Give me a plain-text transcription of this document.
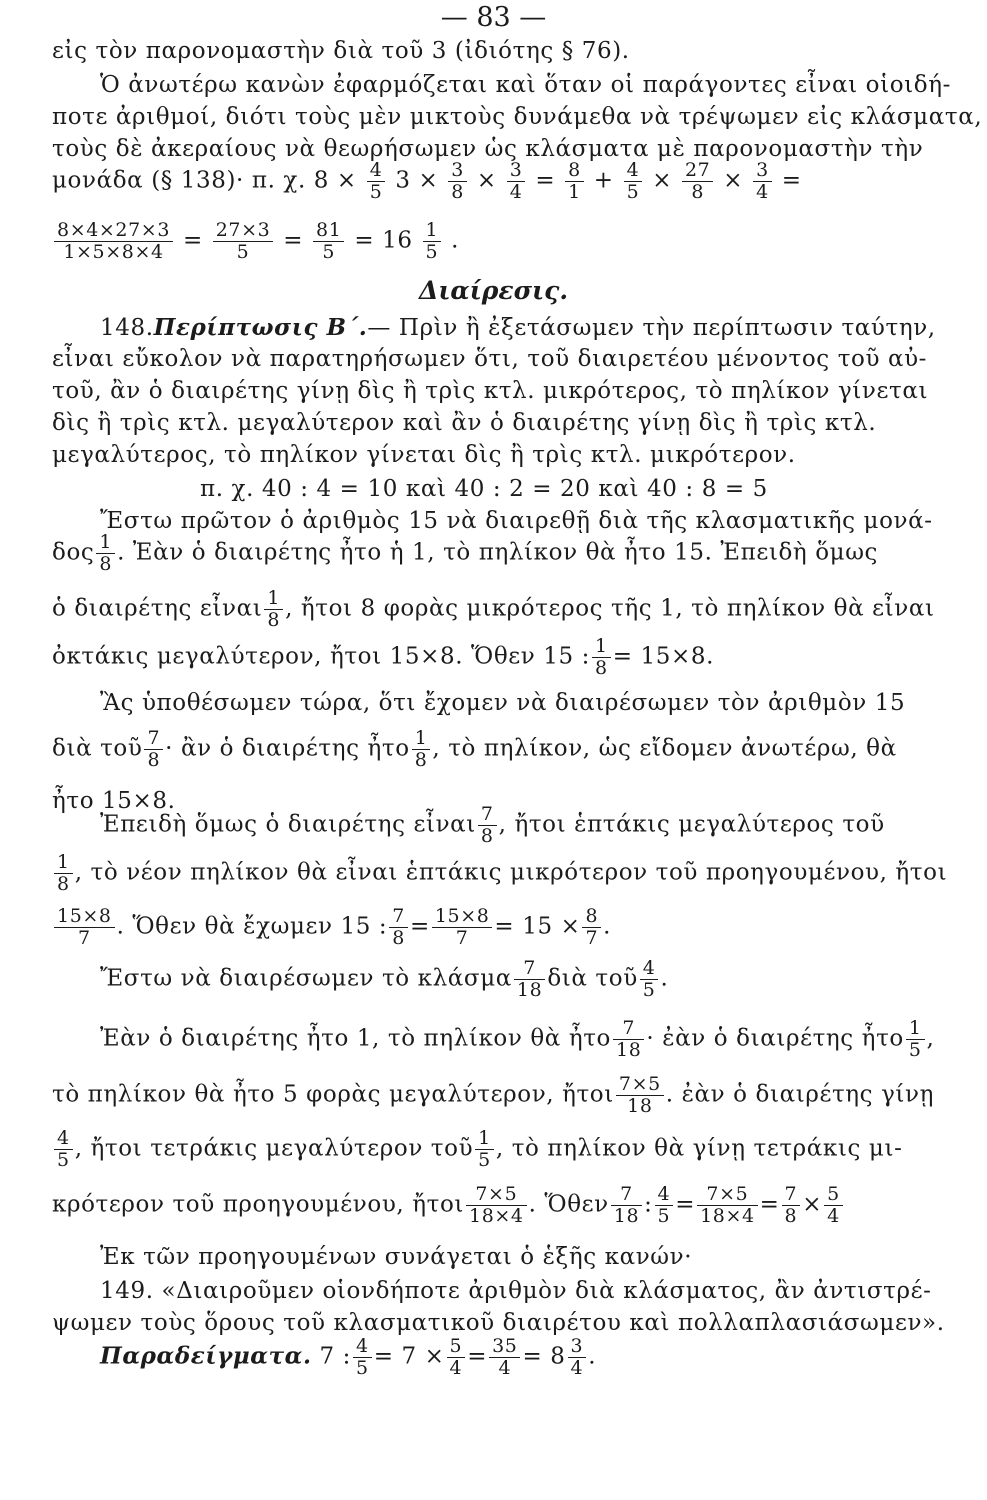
— 83 —
εἰς τὸν παρονομαστὴν διὰ τοῦ 3 (ἰδιότης § 76).
Ὁ ἀνωτέρω κανὼν ἐφαρμόζεται καὶ ὅταν οἱ παράγοντες εἶναι οἱοιδή-
ποτε ἀριθμοί, διότι τοὺς μὲν μικτοὺς δυνάμεθα νὰ τρέψωμεν εἰς κλάσματα,
τοὺς δὲ ἀκεραίους νὰ θεωρήσωμεν ὡς κλάσματα μὲ παρονομαστὴν τὴν
μονάδα (§ 138)· π. χ. $8 \times \frac{4}{5} 3 \times \frac{3}{8} \times \frac{3}{4} = \frac{8}{1} + \frac{4}{5} \times \frac{27}{8} \times \frac{3}{4}$ =
$\frac{8\times 4\times 27\times 3}{1\times 5\times 8\times 4} = \frac{27\times 3}{5} = \frac{81}{5} = 16 \frac{1}{5}$ .
Διαίρεσις.
148.Περίπτωσις Β΄.— Πρὶν ἢ ἐξετάσωμεν τὴν περίπτωσιν ταύτην,
εἶναι εὔκολον νὰ παρατηρήσωμεν ὅτι, τοῦ διαιρετέου μένοντος τοῦ αὐ-
τοῦ, ἂν ὁ διαιρέτης γίνῃ δὶς ἢ τρὶς κτλ. μικρότερος, τὸ πηλίκον γίνεται
δὶς ἢ τρὶς κτλ. μεγαλύτερον καὶ ἂν ὁ διαιρέτης γίνῃ δὶς ἢ τρὶς κτλ.
μεγαλύτερος, τὸ πηλίκον γίνεται δὶς ἢ τρὶς κτλ. μικρότερον.
π. χ. 40 : 4 = 10 καὶ 40 : 2 = 20 καὶ 40 : 8 = 5
Ἔστω πρῶτον ὁ ἀριθμὸς 15 νὰ διαιρεθῇ διὰ τῆς κλασματικῆς μονά-
δος $\frac{1}{8}$ . Ἐὰν ὁ διαιρέτης ἦτο ἡ 1, τὸ πηλίκον θὰ ἦτο 15. Ἐπειδὴ ὅμως
ὁ διαιρέτης εἶναι $\frac{1}{8}$ , ἤτοι 8 φορὰς μικρότερος τῆς 1, τὸ πηλίκον θὰ εἶναι
ὀκτάκις μεγαλύτερον, ἤτοι 15×8. Ὅθεν 15 : $\frac{1}{8} = 15\times 8$.
Ἂς ὑποθέσωμεν τώρα, ὅτι ἔχομεν νὰ διαιρέσωμεν τὸν ἀριθμὸν 15
διὰ τοῦ $\frac{7}{8}$ · ἂν ὁ διαιρέτης ἦτο $\frac{1}{8}$ , τὸ πηλίκον, ὡς εἴδομεν ἀνωτέρω, θὰ
ἦτο 15×8.
Ἐπειδὴ ὅμως ὁ διαιρέτης εἶναι $\frac{7}{8}$ , ἤτοι ἑπτάκις μεγαλύτερος τοῦ
$\frac{1}{8}$ , τὸ νέον πηλίκον θὰ εἶναι ἑπτάκις μικρότερον τοῦ προηγουμένου, ἤτοι
$\frac{15\times 8}{7}$ . Ὅθεν θὰ ἔχωμεν 15 : $\frac{7}{8} = \frac{15\times 8}{7} = 15 \times \frac{8}{7}$ .
Ἔστω νὰ διαιρέσωμεν τὸ κλάσμα $\frac{7}{18}$ διὰ τοῦ $\frac{4}{5}$ .
Ἐὰν ὁ διαιρέτης ἦτο 1, τὸ πηλίκον θὰ ἦτο $\frac{7}{18}$ · ἐὰν ὁ διαιρέτης ἦτο $\frac{1}{5}$ ,
τὸ πηλίκον θὰ ἦτο 5 φορὰς μεγαλύτερον, ἤτοι $\frac{7\times 5}{18}$ . ἐὰν ὁ διαιρέτης γίνῃ
$\frac{4}{5}$ , ἤτοι τετράκις μεγαλύτερον τοῦ $\frac{1}{5}$ , τὸ πηλίκον θὰ γίνῃ τετράκις μι-
κρότερον τοῦ προηγουμένου, ἤτοι $\frac{7\times 5}{18\times 4}$ . Ὅθεν $\frac{7}{18}$ : $\frac{4}{5} = \frac{7\times 5}{18\times 4} = \frac{7}{8} \times \frac{5}{4}$
Ἐκ τῶν προηγουμένων συνάγεται ὁ ἑξῆς κανών·
149. «Διαιροῦμεν οἱονδήποτε ἀριθμὸν διὰ κλάσματος, ἂν ἀντιστρέ-
ψωμεν τοὺς ὅρους τοῦ κλασματικοῦ διαιρέτου καὶ πολλαπλασιάσωμεν».
Παραδείγματα. 7 : $\frac{4}{5} = 7 \times \frac{5}{4} = \frac{35}{4} = 8 \frac{3}{4}$ .
